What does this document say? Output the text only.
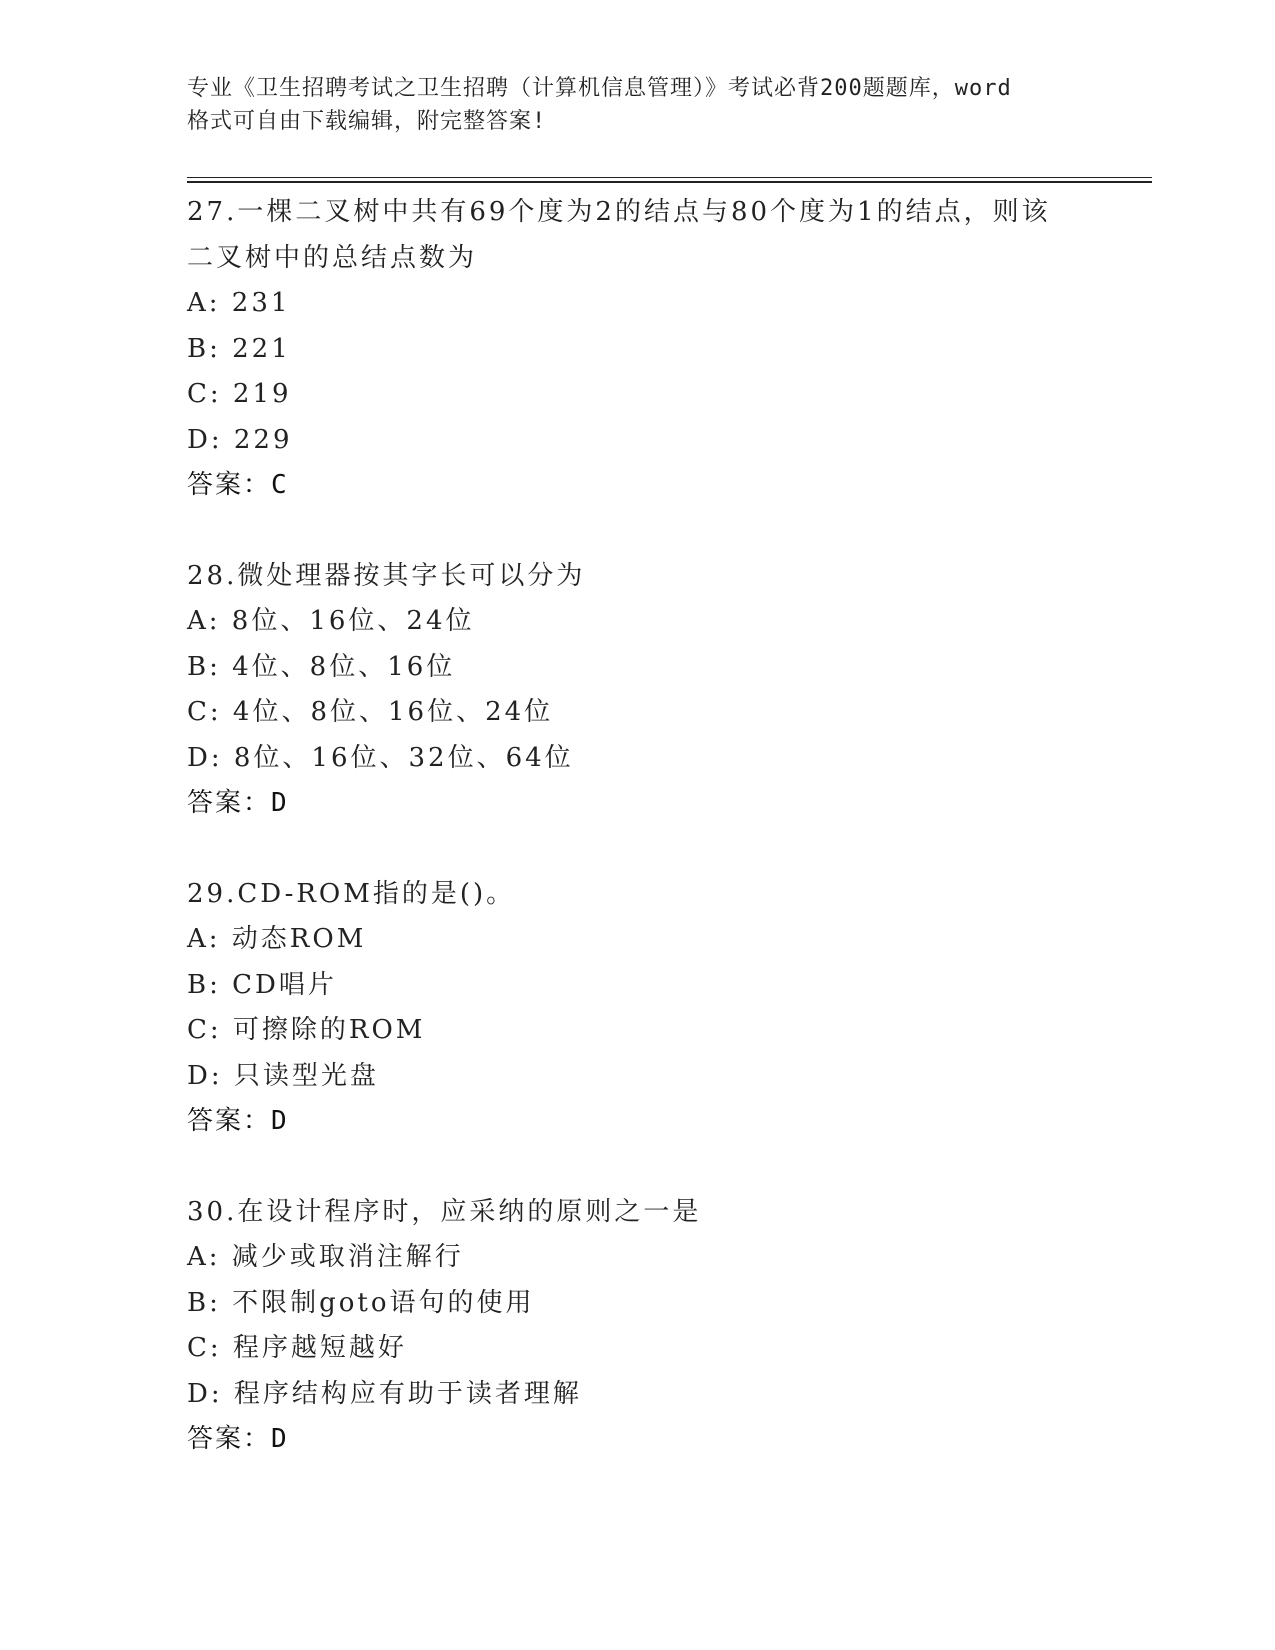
专业《卫生招聘考试之卫生招聘（计算机信息管理）》考试必背200题题库，word

格式可自由下载编辑，附完整答案!

27.一棵二叉树中共有69个度为2的结点与80个度为1的结点，则该
二叉树中的总结点数为
A: 231
B: 221
C: 219
D: 229
答案：C
28.微处理器按其字长可以分为
A: 8位、16位、24位
B: 4位、8位、16位
C: 4位、8位、16位、24位
D: 8位、16位、32位、64位
答案：D
29.CD-ROM指的是()。
A: 动态ROM
B: CD唱片
C: 可擦除的ROM
D: 只读型光盘
答案：D
30.在设计程序时，应采纳的原则之一是
A: 减少或取消注解行
B: 不限制goto语句的使用
C: 程序越短越好
D: 程序结构应有助于读者理解
答案：D
